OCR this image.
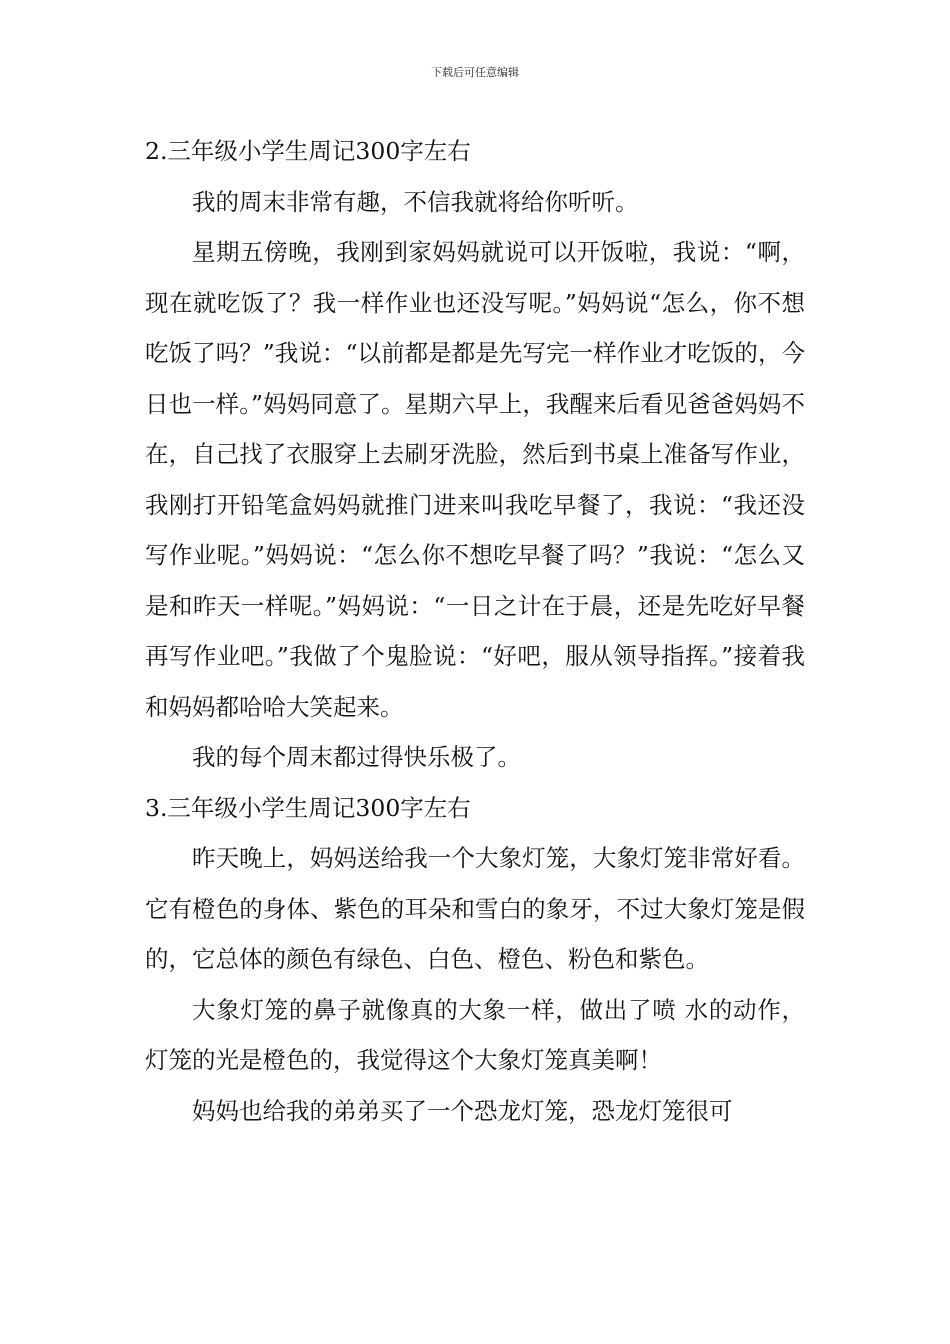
下载后可任意编辑
2.三年级小学生周记300字左右

我的周末非常有趣，不信我就将给你听听。

星期五傍晚，我刚到家妈妈就说可以开饭啦，我说：“啊，现在就吃饭了？我一样作业也还没写呢。”妈妈说“怎么，你不想吃饭了吗？”我说：“以前都是都是先写完一样作业才吃饭的，今日也一样。”妈妈同意了。星期六早上，我醒来后看见爸爸妈妈不在，自己找了衣服穿上去刷牙洗脸，然后到书桌上准备写作业，我刚打开铅笔盒妈妈就推门进来叫我吃早餐了，我说：“我还没写作业呢。”妈妈说：“怎么你不想吃早餐了吗？”我说：“怎么又是和昨天一样呢。”妈妈说：“一日之计在于晨，还是先吃好早餐再写作业吧。”我做了个鬼脸说：“好吧，服从领导指挥。”接着我和妈妈都哈哈大笑起来。

我的每个周末都过得快乐极了。

3.三年级小学生周记300字左右

昨天晚上，妈妈送给我一个大象灯笼，大象灯笼非常好看。它有橙色的身体、紫色的耳朵和雪白的象牙，不过大象灯笼是假的，它总体的颜色有绿色、白色、橙色、粉色和紫色。

大象灯笼的鼻子就像真的大象一样，做出了喷 水的动作，灯笼的光是橙色的，我觉得这个大象灯笼真美啊！

妈妈也给我的弟弟买了一个恐龙灯笼，恐龙灯笼很可
